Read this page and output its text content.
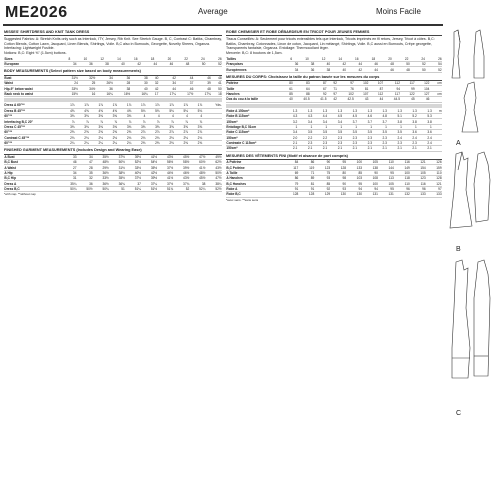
ME2026	Average	Moins Facile
MISSES' SHIRTDRESS AND KNIT TANK DRESS
Suggested Fabrics: A: Stretch Knits only such as Interlock, ITY, Jersey, Rib Knit. See Stretch Gauge. B, C, Contrast C: Batiks, Chambray, Cotton Blends, Cotton Lawn, Jacquard, Linen Blends, Shirtings, Voile. B,C also in Burnouts, Georgette, Novelty Sheers, Organza. Interfacing: Lightweight Fusible.
Notions: B,C: Eight ⅜" (1.5cm) buttons.
Sizes	8	10	12	14	16	18	20	22	24	26
European	34	36	38	40	42	44	46	48	50	52
BODY MEASUREMENTS (Select pattern size based on body measurements)
Bust	31½	32½	34	36	38	40	42	44	46	48
Waist	24	25	26½	28	30	32	34	37	39	41
Hip-9" below waist	33½	34½	36	38	40	42	44	46	48	50
Back neck to waist	15½	16	16¼	16½	16¾	17	17¼	17½	17¾	18
Dress A 60"**	1⅞	1⅞	1⅞	1⅞	1⅞	1⅞	1⅞	1⅞	1⅞	1⅞	Yds.
Dress B 45"**	4⅝	4⅝	4⅝	4⅝	4⅝	5⅛	5⅛	5⅛	5⅛	5⅛	
60"**	3⅜	3⅜	3⅜	3⅜	3⅜	4	4	4	4	4	
Interfacing B,C 20"	⅞	⅞	⅞	⅞	⅞	⅞	⅞	⅞	⅞	⅞	
Dress C 45"**	3⅜	3⅜	3⅜	3⅜	3⅜	3⅝	3⅝	3⅝	3⅝	3⅝	
60"**	2⅝	2⅝	2⅝	2⅝	2⅝	2⅞	2⅞	2⅞	2⅞	2⅞	
Contrast C 45"**	2⅛	2⅛	2⅛	2⅛	2⅛	2⅛	2⅛	2⅛	2⅛	2⅛	
60"**	2¼	2¼	2¼	2¼	2¼	2⅜	2⅜	2⅜	2⅜	2⅜	
FINISHED GARMENT MEASUREMENTS (Includes Design and Wearing Ease)
A Bust	33	34	35½	37½	39½	41½	43½	45½	47½	49½
B,C Bust	46	47	48½	50½	52½	54½	56½	58½	60½	62½
A Waist	27	28	29½	31½	33½	35½	37½	39½	41½	43½
A Hip	34	35	36½	38½	40½	42½	44½	46½	48½	50½
B,C Hip	31	32	33½	35½	37½	39½	41½	43½	45½	47½
Dress A	35¼	36	36½	36¾	37	37¼	37½	37¾	38	38¼
Dress B,C	50¼	50½	50¾	51	51¼	51½	51¾	52	52¼	52½
*with nap. **without nap
ROBE CHEMISIER ET ROBE DÉBARDEUR EN TRICOT POUR JEUNES FEMMES
Tissus Conseillés: A: Seulement pour tricots extensibles tels que Interlock, Tricots imprimés en fil retors, Jersey, Tricot à côtes. B,C: Batiks, Chambray, Cotonnades, Linon de coton, Jacquard, Lin mélangé, Shirtings, Voile. B,C aussi en Burnouts, Crêpe georgette, Transparents fantaisie, Organza. Entoilage: Thermocollant léger.
Mercerie: B,C: 8 boutons de 1,5cm.
Tailles	6	10	12	14	16	18	20	22	24	26
Françaises	36	38	40	42	44	46	48	50	52	54
Européennes	34	36	38	40	42	44	46	48	50	52
MESURES DU CORPS: Choisissez la taille du patron basée sur les mesures du corps
Poitrine	80	83	87	92	97	102	107	112	117	122	cm
Taille	61	64	67	71	76	81	87	94	99	104	
Hanches	85	88	92	97	102	107	112	117	122	127	cm
Dos du cou à la taille	40	40.5	41.5	42	42.5	43	44	44.5	45	46	
Robe A 150cm*	1.3	1.3	1.3	1.3	1.3	1.3	1.3	1.3	1.3	1.3	m
Robe B 115cm*	4.3	4.3	4.4	4.5	4.5	4.6	4.8	5.1	5.2	5.3	
150cm*	3.2	3.4	3.4	3.4	3.7	3.7	3.7	3.8	3.8	3.8	
Entoilage B,C 51cm	1	1	1	1	1	1	1	1	1	1	
Robe C 115cm*	3.4	3.5	3.5	3.5	3.5	3.5	3.5	3.5	3.6	3.6	
150cm*	2.0	2.2	2.2	2.3	2.3	2.3	2.3	2.4	2.4	2.4	
Contraste C 115cm*	2.1	2.3	2.3	2.3	2.3	2.3	2.3	2.3	2.3	2.4	
150cm*	2.1	2.1	2.1	2.1	2.1	2.1	2.1	2.1	2.1	2.1	
MESURES DES VÊTEMENTS FINI (Motif et aisance de port compris)
A Poitrine	84	86	90	95	100	105	110	116	121	126
B,C Poitrine	117	119	123	128	133	138	144	149	154	159
A Taille	69	71	75	80	85	90	95	100	105	110
A Hanches	86	89	93	98	103	108	113	118	123	128
B,C Hanches	79	81	85	90	95	100	105	110	116	121
Robe A	91	91	92	93	94	94	95	96	96	97
Robe B,C	128	128	129	130	130	131	131	132	133	133
*avec sens. **sans sens
A
B
C
